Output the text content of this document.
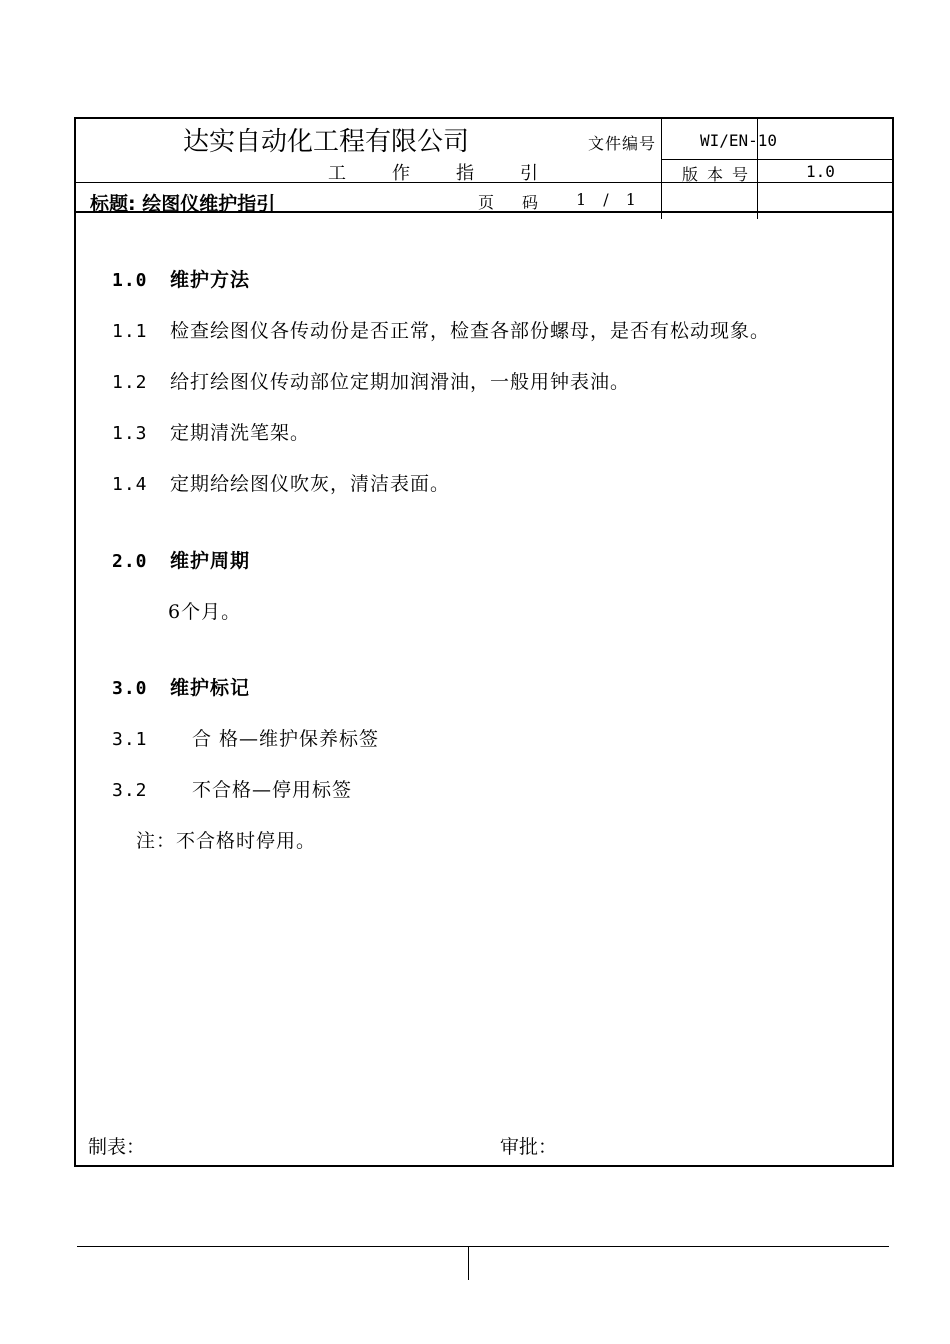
达实自动化工程有限公司
工作指引
文件编号	WI/EN-10
版本号	1.0
标题: 绘图仪维护指引	页码 1 / 1
1.0 维护方法
1.1 检查绘图仪各传动份是否正常，检查各部份螺母，是否有松动现象。
1.2 给打绘图仪传动部位定期加润滑油，一般用钟表油。
1.3 定期清洗笔架。
1.4 定期给绘图仪吹灰，清洁表面。
2.0 维护周期
6个月。
3.0 维护标记
3.1 合 格—维护保养标签
3.2 不合格—停用标签
注：不合格时停用。
制表：	审批：
